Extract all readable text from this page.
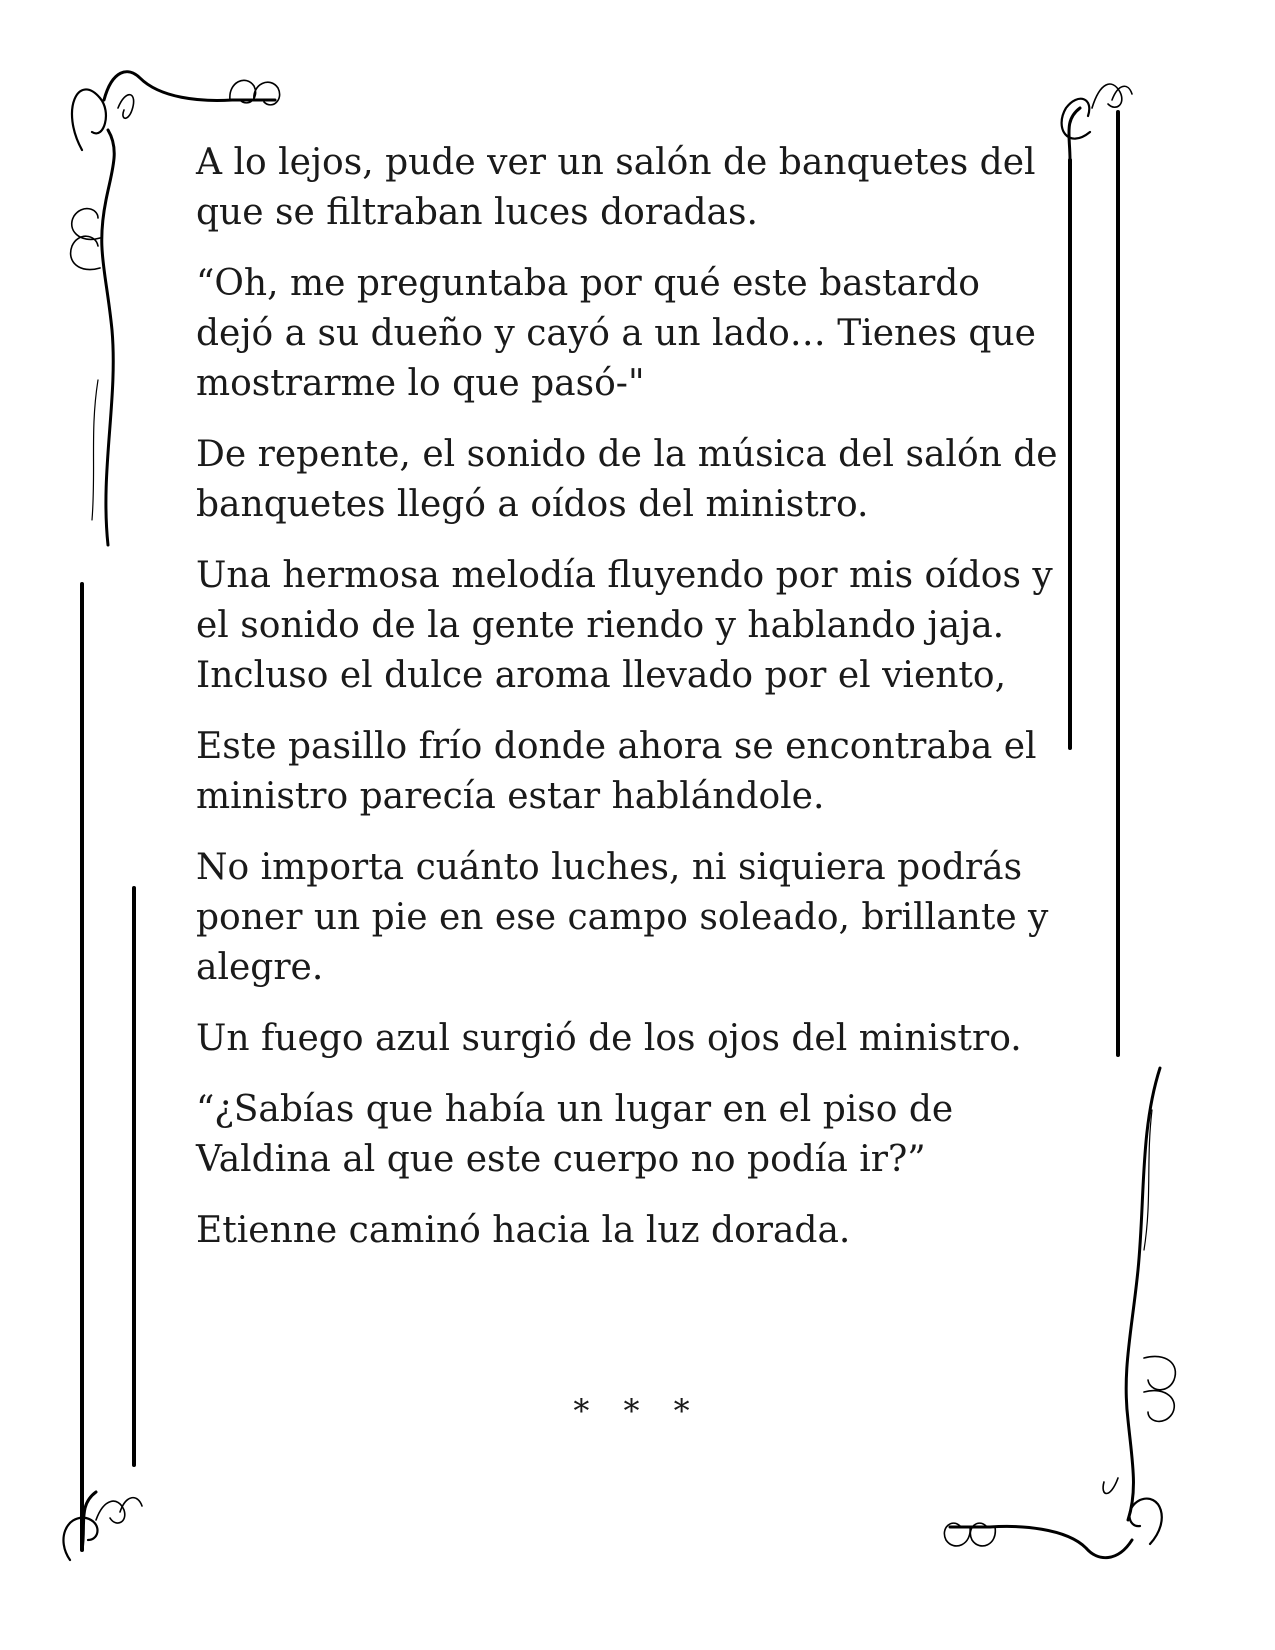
A lo lejos, pude ver un salón de banquetes del
que se filtraban luces doradas.

“Oh, me preguntaba por qué este bastardo
dejó a su dueño y cayó a un lado… Tienes que
mostrarme lo que pasó-"

De repente, el sonido de la música del salón de
banquetes llegó a oídos del ministro.

Una hermosa melodía fluyendo por mis oídos y
el sonido de la gente riendo y hablando jaja.
Incluso el dulce aroma llevado por el viento,

Este pasillo frío donde ahora se encontraba el
ministro parecía estar hablándole.

No importa cuánto luches, ni siquiera podrás
poner un pie en ese campo soleado, brillante y
alegre.

Un fuego azul surgió de los ojos del ministro.

“¿Sabías que había un lugar en el piso de
Valdina al que este cuerpo no podía ir?”

Etienne caminó hacia la luz dorada.

* * *
